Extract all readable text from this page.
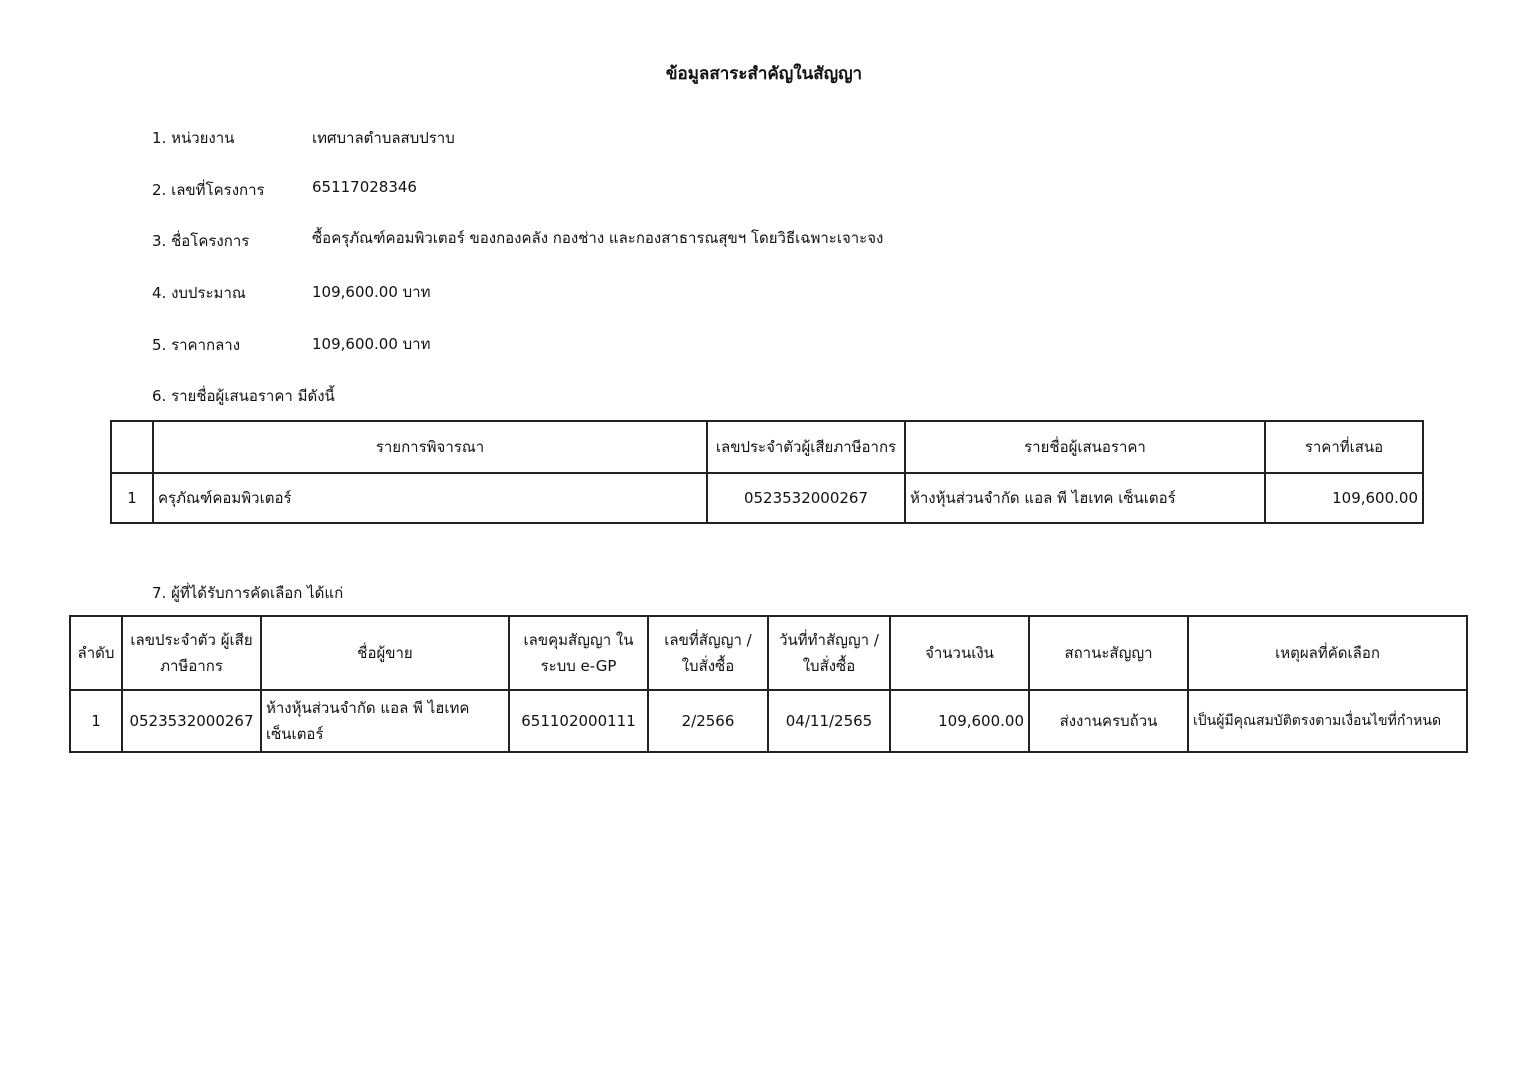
ข้อมูลสาระสำคัญในสัญญา
1. หน่วยงาน	เทศบาลตำบลสบปราบ
2. เลขที่โครงการ	65117028346
3. ชื่อโครงการ	ซื้อครุภัณฑ์คอมพิวเตอร์ ของกองคลัง กองช่าง และกองสาธารณสุขฯ โดยวิธีเฉพาะเจาะจง
4. งบประมาณ	109,600.00 บาท
5. ราคากลาง	109,600.00 บาท
6. รายชื่อผู้เสนอราคา มีดังนี้
	รายการพิจารณา	เลขประจำตัวผู้เสียภาษีอากร	รายชื่อผู้เสนอราคา	ราคาที่เสนอ
1	ครุภัณฑ์คอมพิวเตอร์	0523532000267	ห้างหุ้นส่วนจำกัด แอล พี ไฮเทค เซ็นเตอร์	109,600.00
7. ผู้ที่ได้รับการคัดเลือก ได้แก่
ลำดับ	เลขประจำตัว ผู้เสียภาษีอากร	ชื่อผู้ขาย	เลขคุมสัญญา ในระบบ e-GP	เลขที่สัญญา / ใบสั่งซื้อ	วันที่ทำสัญญา / ใบสั่งซื้อ	จำนวนเงิน	สถานะสัญญา	เหตุผลที่คัดเลือก
1	0523532000267	ห้างหุ้นส่วนจำกัด แอล พี ไฮเทค เซ็นเตอร์	651102000111	2/2566	04/11/2565	109,600.00	ส่งงานครบถ้วน	เป็นผู้มีคุณสมบัติตรงตามเงื่อนไขที่กำหนด
